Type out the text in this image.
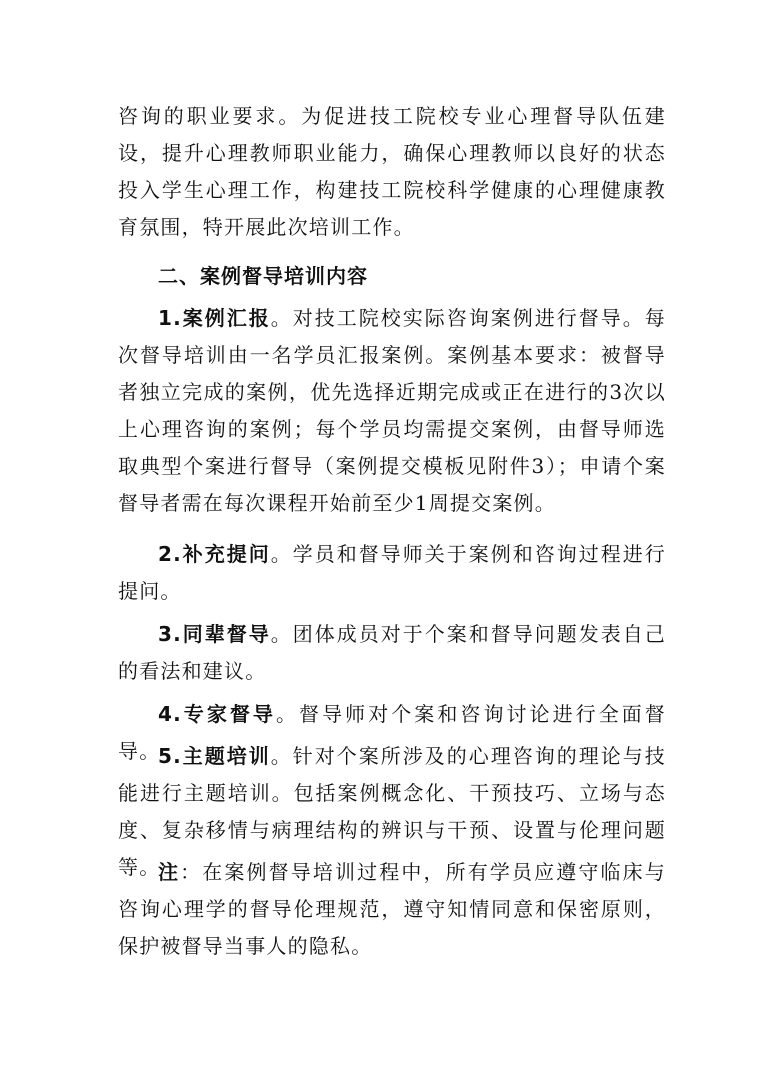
咨询的职业要求。为促进技工院校专业心理督导队伍建设，提升心理教师职业能力，确保心理教师以良好的状态投入学生心理工作，构建技工院校科学健康的心理健康教育氛围，特开展此次培训工作。

二、案例督导培训内容

1.案例汇报。对技工院校实际咨询案例进行督导。每次督导培训由一名学员汇报案例。案例基本要求：被督导者独立完成的案例，优先选择近期完成或正在进行的3次以上心理咨询的案例；每个学员均需提交案例，由督导师选取典型个案进行督导（案例提交模板见附件3）；申请个案督导者需在每次课程开始前至少1周提交案例。

2.补充提问。学员和督导师关于案例和咨询过程进行提问。

3.同辈督导。团体成员对于个案和督导问题发表自己的看法和建议。

4.专家督导。督导师对个案和咨询讨论进行全面督导。

5.主题培训。针对个案所涉及的心理咨询的理论与技能进行主题培训。包括案例概念化、干预技巧、立场与态度、复杂移情与病理结构的辨识与干预、设置与伦理问题等。

注：在案例督导培训过程中，所有学员应遵守临床与咨询心理学的督导伦理规范，遵守知情同意和保密原则，保护被督导当事人的隐私。
